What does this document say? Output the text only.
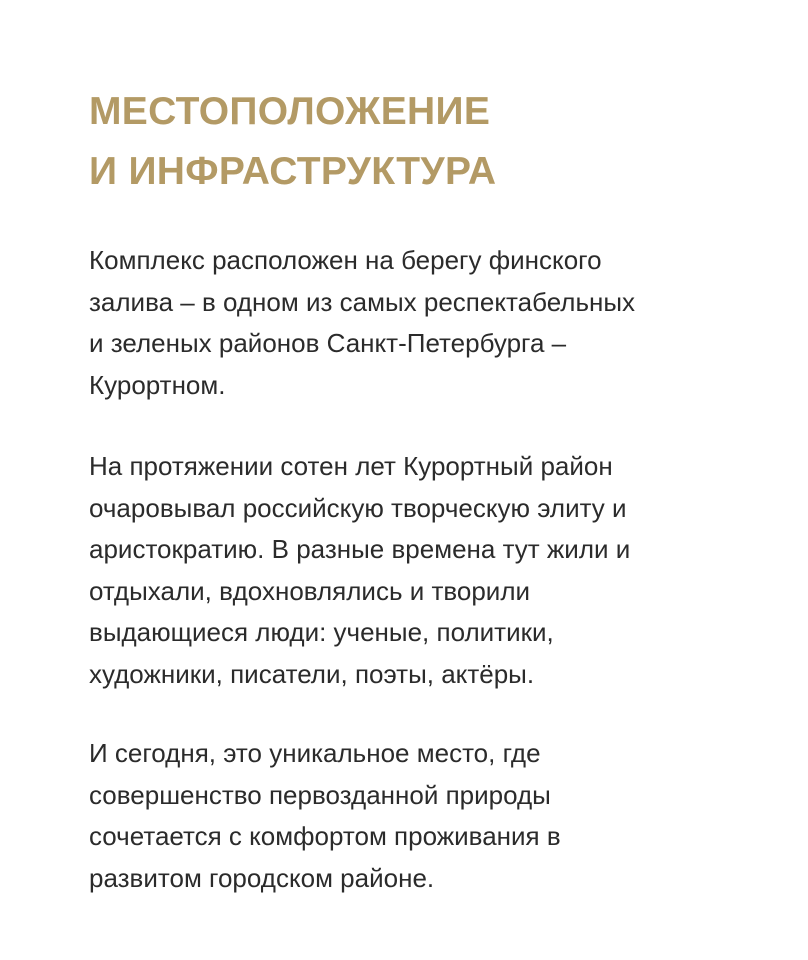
МЕСТОПОЛОЖЕНИЕ
И ИНФРАСТРУКТУРА

Комплекс расположен на берегу финского
залива – в одном из самых респектабельных
и зеленых районов Санкт-Петербурга –
Курортном.

На протяжении сотен лет Курортный район
очаровывал российскую творческую элиту и
аристократию. В разные времена тут жили и
отдыхали, вдохновлялись и творили
выдающиеся люди: ученые, политики,
художники, писатели, поэты, актёры.

И сегодня, это уникальное место, где
совершенство первозданной природы
сочетается с комфортом проживания в
развитом городском районе.
